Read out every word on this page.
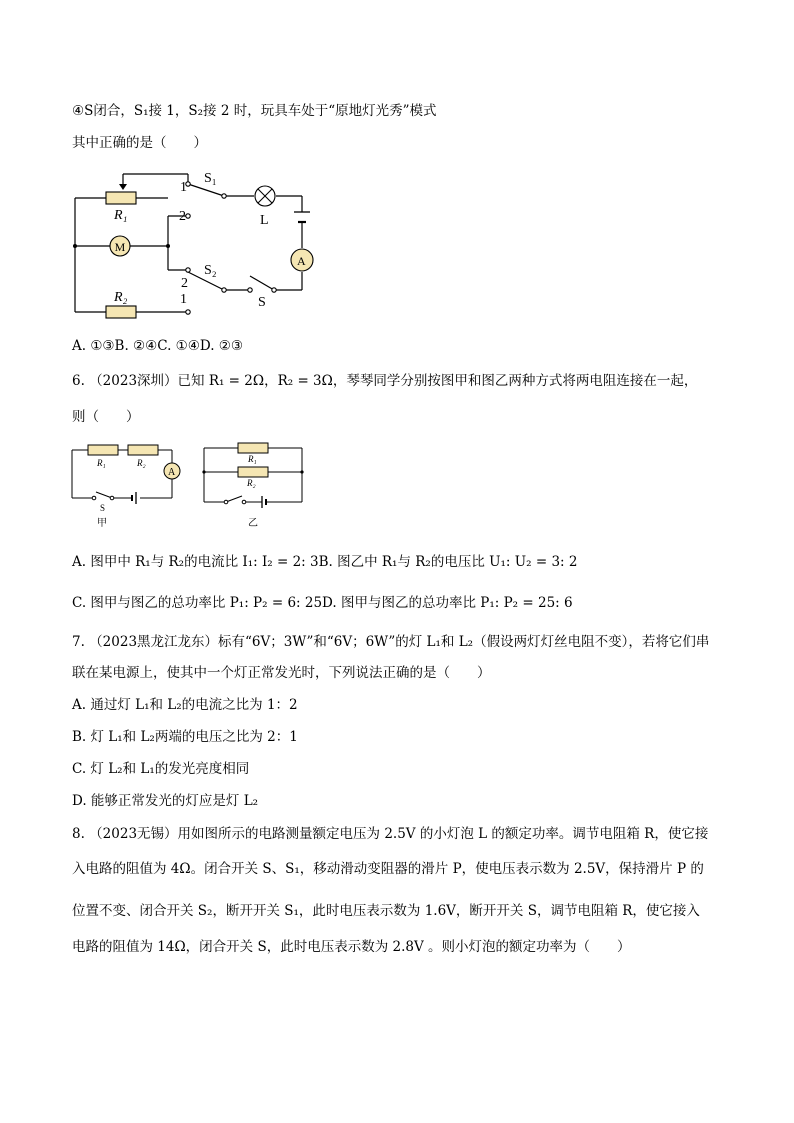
④S闭合，S₁接 1，S₂接 2 时，玩具车处于“原地灯光秀”模式
其中正确的是（　　）
1
S₁
L
R₁	2
M
A
S₂
2
R₂	1	S
A. ①③B. ②④C. ①④D. ②③
6. （2023深圳）已知 R₁ = 2Ω，R₂ = 3Ω，琴琴同学分别按图甲和图乙两种方式将两电阻连接在一起，
则（　　）
R₁	R₂
A
S
甲
R₁
R₂
乙
A. 图甲中 R₁与 R₂的电流比 I₁: I₂ = 2: 3B. 图乙中 R₁与 R₂的电压比 U₁: U₂ = 3: 2
C. 图甲与图乙的总功率比 P₁: P₂ = 6: 25D. 图甲与图乙的总功率比 P₁: P₂ = 25: 6
7. （2023黑龙江龙东）标有“6V；3W”和“6V；6W”的灯 L₁和 L₂（假设两灯灯丝电阻不变），若将它们串
联在某电源上，使其中一个灯正常发光时，下列说法正确的是（　　）
A. 通过灯 L₁和 L₂的电流之比为 1：2
B. 灯 L₁和 L₂两端的电压之比为 2：1
C. 灯 L₂和 L₁的发光亮度相同
D. 能够正常发光的灯应是灯 L₂
8. （2023无锡）用如图所示的电路测量额定电压为 2.5V 的小灯泡 L 的额定功率。调节电阻箱 R，使它接
入电路的阻值为 4Ω。闭合开关 S、S₁，移动滑动变阻器的滑片 P，使电压表示数为 2.5V，保持滑片 P 的
位置不变、闭合开关 S₂，断开开关 S₁，此时电压表示数为 1.6V，断开开关 S，调节电阻箱 R，使它接入
电路的阻值为 14Ω，闭合开关 S，此时电压表示数为 2.8V 。则小灯泡的额定功率为（　　）
